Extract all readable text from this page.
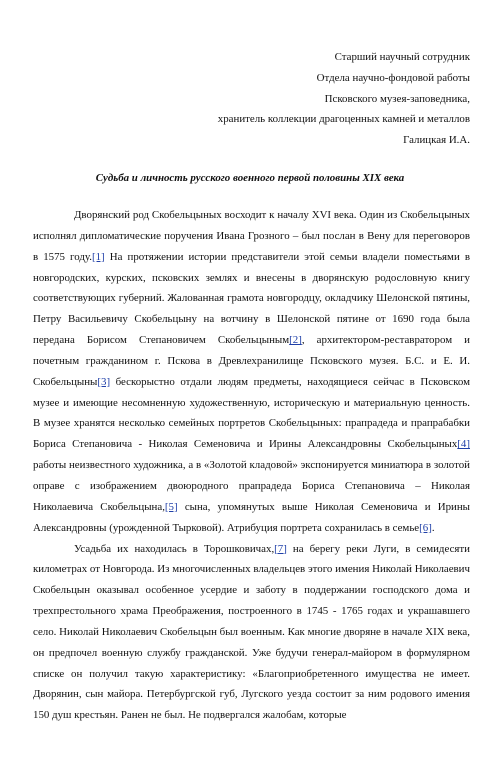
Старший научный сотрудник
Отдела научно-фондовой работы
Псковского музея-заповедника,
хранитель коллекции драгоценных камней и металлов
Галицкая И.А.
Судьба и личность русского военного первой половины XIX века

Дворянский род Скобельцыных восходит к началу XVI века. Один из Скобельцыных исполнял дипломатические поручения Ивана Грозного – был послан в Вену для переговоров в 1575 году.[1] На протяжении истории представители этой семьи владели поместьями в новгородских, курских, псковских землях и внесены в дворянскую родословную книгу соответствующих губерний. Жалованная грамота новгородцу, окладчику Шелонской пятины, Петру Васильевичу Скобельцыну на вотчину в Шелонской пятине от 1690 года была передана Борисом Степановичем Скобельцыным[2], архитектором-реставратором и почетным гражданином г. Пскова в Древлехранилище Псковского музея. Б.С. и Е. И. Скобельцыны[3] бескорыстно отдали людям предметы, находящиеся сейчас в Псковском музее и имеющие несомненную художественную, историческую и материальную ценность. В музее хранятся несколько семейных портретов Скобельцыных: прапрадеда и прапрабабки Бориса Степановича - Николая Семеновича и Ирины Александровны Скобельцыных[4] работы неизвестного художника, а в «Золотой кладовой» экспонируется миниатюра в золотой оправе с изображением двоюродного прапрадеда Бориса Степановича – Николая Николаевича Скобельцына,[5] сына, упомянутых выше Николая Семеновича и Ирины Александровны (урожденной Тырковой). Атрибуция портрета сохранилась в семье[6].

Усадьба их находилась в Торошковичах,[7] на берегу реки Луги, в семидесяти километрах от Новгорода. Из многочисленных владельцев этого имения Николай Николаевич Скобельцын оказывал особенное усердие и заботу в поддержании господского дома и трехпрестольного храма Преображения, построенного в 1745 - 1765 годах и украшавшего село. Николай Николаевич Скобельцын был военным. Как многие дворяне в начале XIX века, он предпочел военную службу гражданской. Уже будучи генерал-майором в формулярном списке он получил такую характеристику: «Благоприобретенного имущества не имеет. Дворянин, сын майора. Петербургской губ, Лугского уезда состоит за ним родового имения 150 душ крестьян. Ранен не был. Не подвергался жалобам, которые
